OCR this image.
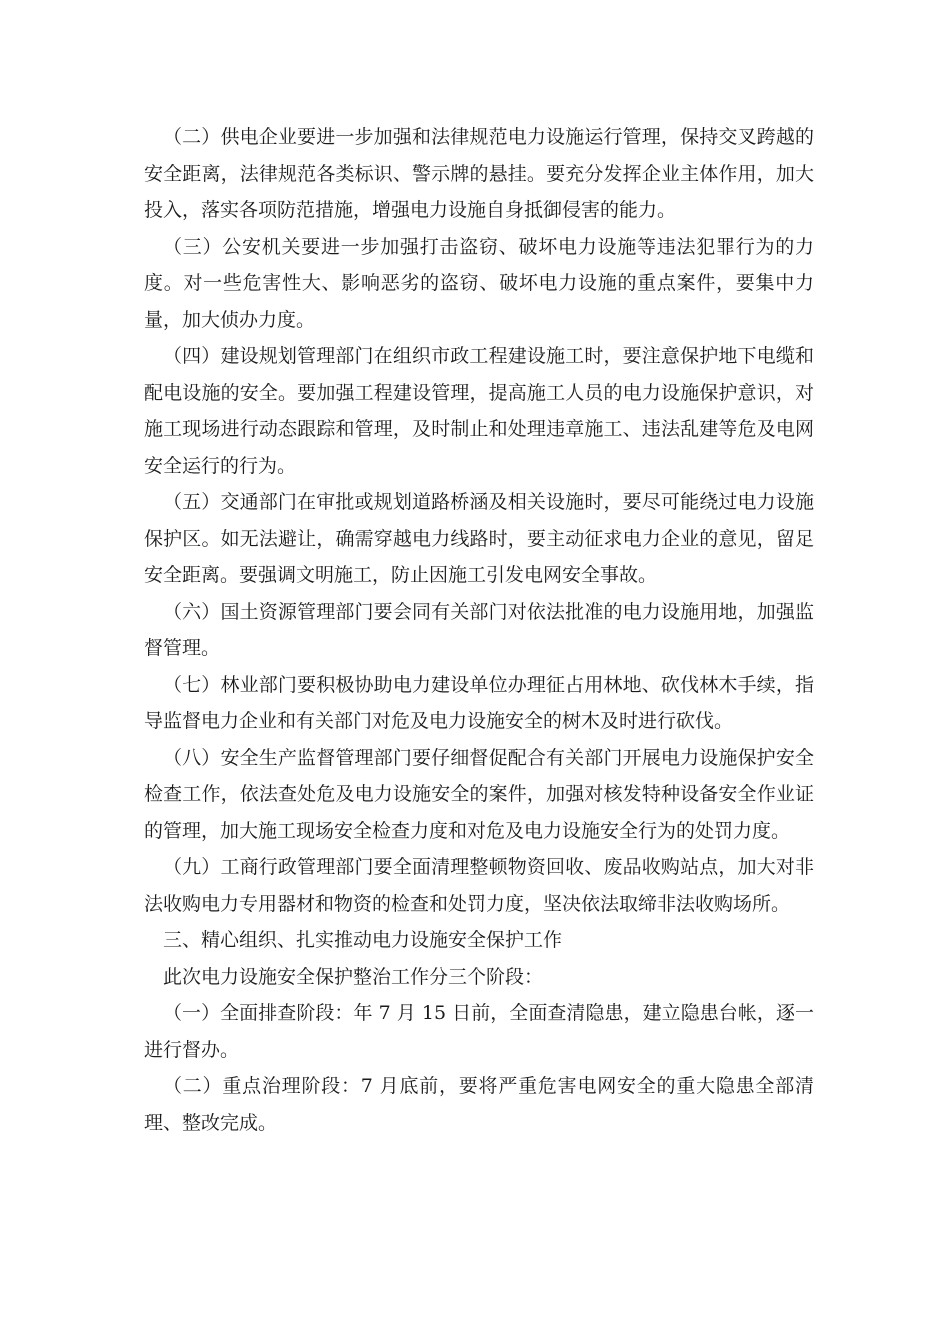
（二）供电企业要进一步加强和法律规范电力设施运行管理，保持交叉跨越的安全距离，法律规范各类标识、警示牌的悬挂。要充分发挥企业主体作用，加大投入，落实各项防范措施，增强电力设施自身抵御侵害的能力。

（三）公安机关要进一步加强打击盗窃、破坏电力设施等违法犯罪行为的力度。对一些危害性大、影响恶劣的盗窃、破坏电力设施的重点案件，要集中力量，加大侦办力度。

（四）建设规划管理部门在组织市政工程建设施工时，要注意保护地下电缆和配电设施的安全。要加强工程建设管理，提高施工人员的电力设施保护意识，对施工现场进行动态跟踪和管理，及时制止和处理违章施工、违法乱建等危及电网安全运行的行为。

（五）交通部门在审批或规划道路桥涵及相关设施时，要尽可能绕过电力设施保护区。如无法避让，确需穿越电力线路时，要主动征求电力企业的意见，留足安全距离。要强调文明施工，防止因施工引发电网安全事故。

（六）国土资源管理部门要会同有关部门对依法批准的电力设施用地，加强监督管理。

（七）林业部门要积极协助电力建设单位办理征占用林地、砍伐林木手续，指导监督电力企业和有关部门对危及电力设施安全的树木及时进行砍伐。

（八）安全生产监督管理部门要仔细督促配合有关部门开展电力设施保护安全检查工作，依法查处危及电力设施安全的案件，加强对核发特种设备安全作业证的管理，加大施工现场安全检查力度和对危及电力设施安全行为的处罚力度。

（九）工商行政管理部门要全面清理整顿物资回收、废品收购站点，加大对非法收购电力专用器材和物资的检查和处罚力度，坚决依法取缔非法收购场所。

三、精心组织、扎实推动电力设施安全保护工作

此次电力设施安全保护整治工作分三个阶段：

（一）全面排查阶段：年 7 月 15 日前，全面查清隐患，建立隐患台帐，逐一进行督办。

（二）重点治理阶段：7 月底前，要将严重危害电网安全的重大隐患全部清理、整改完成。
